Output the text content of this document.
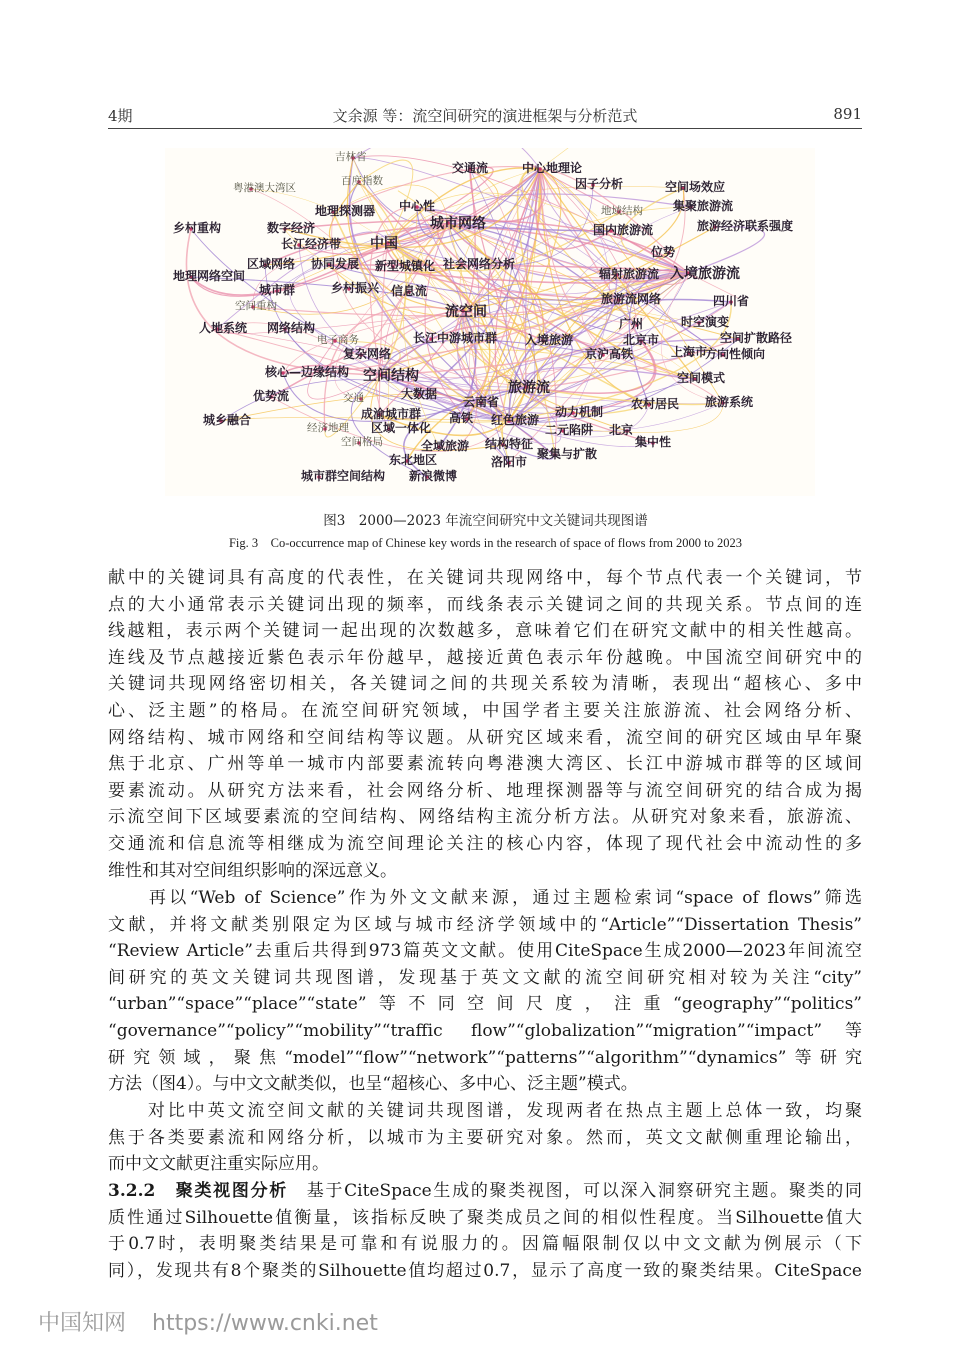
4期	文余源 等：流空间研究的演进框架与分析范式	891
吉林省
百度指数
交通流	中心地理论
因子分析	空间场效应
粤港澳大湾区
地理探测器 中心性
城市网络
地域结构	集聚旅游流
乡村重构	数字经济	国内旅游流	旅游经济联系强度
长江经济带 中国	位势
区域网络 协同发展 新型城镇化 社会网络分析
地理网络空间	辐射旅游流 入境旅游流
城市群	乡村振兴 信息流
空间重构	旅游流网络	四川省
流空间
人地系统 网络结构	广州	时空演变
电子商务	长江中游城市群 入境旅游	北京市	空间扩散路径
复杂网络	京沪高铁	上海市
方向性倾向
核心—边缘结构 空间结构	空间模式
旅游流
优势流	交通	大数据
云南省	农村居民 旅游系统
成渝城市群 高铁	动力机制
城乡融合
经济地理 区域一体化
红色旅游
二元陷阱 北京
集中性
空间格局	全域旅游 结构特征
东北地区	聚集与扩散
洛阳市
城市群空间结构 新浪微博
图3　2000—2023 年流空间研究中文关键词共现图谱
Fig. 3　Co-occurrence map of Chinese key words in the research of space of flows from 2000 to 2023
献中的关键词具有高度的代表性，在关键词共现网络中，每个节点代表一个关键词，节
点的大小通常表示关键词出现的频率，而线条表示关键词之间的共现关系。节点间的连
线越粗，表示两个关键词一起出现的次数越多，意味着它们在研究文献中的相关性越高。
连线及节点越接近紫色表示年份越早，越接近黄色表示年份越晚。中国流空间研究中的
关键词共现网络密切相关，各关键词之间的共现关系较为清晰，表现出“超核心、多中
心、泛主题”的格局。在流空间研究领域，中国学者主要关注旅游流、社会网络分析、
网络结构、城市网络和空间结构等议题。从研究区域来看，流空间的研究区域由早年聚
焦于北京、广州等单一城市内部要素流转向粤港澳大湾区、长江中游城市群等的区域间
要素流动。从研究方法来看，社会网络分析、地理探测器等与流空间研究的结合成为揭
示流空间下区域要素流的空间结构、网络结构主流分析方法。从研究对象来看，旅游流、
交通流和信息流等相继成为流空间理论关注的核心内容，体现了现代社会中流动性的多
维性和其对空间组织影响的深远意义。
　　再以“Web of Science”作为外文文献来源，通过主题检索词“space of flows”筛选
文献，并将文献类别限定为区域与城市经济学领域中的“Article”“Dissertation Thesis”
“Review Article”去重后共得到973篇英文文献。使用CiteSpace生成2000—2023年间流空
间研究的英文关键词共现图谱，发现基于英文文献的流空间研究相对较为关注“city”
“urban”“space”“place”“state”等不同空间尺度，注重“geography”“politics”
“governance”“policy”“mobility”“traffic flow”“globalization”“migration”“impact”等
研究领域，聚焦“model”“flow”“network”“patterns”“algorithm”“dynamics”等研究
方法（图4）。与中文文献类似，也呈“超核心、多中心、泛主题”模式。
　　对比中英文流空间文献的关键词共现图谱，发现两者在热点主题上总体一致，均聚
焦于各类要素流和网络分析，以城市为主要研究对象。然而，英文文献侧重理论输出，
而中文文献更注重实际应用。
3.2.2　聚类视图分析　基于CiteSpace生成的聚类视图，可以深入洞察研究主题。聚类的同
质性通过Silhouette值衡量，该指标反映了聚类成员之间的相似性程度。当Silhouette值大
于0.7时，表明聚类结果是可靠和有说服力的。因篇幅限制仅以中文文献为例展示（下
同），发现共有8个聚类的Silhouette值均超过0.7，显示了高度一致的聚类结果。CiteSpace
中国知网 https://www.cnki.net
